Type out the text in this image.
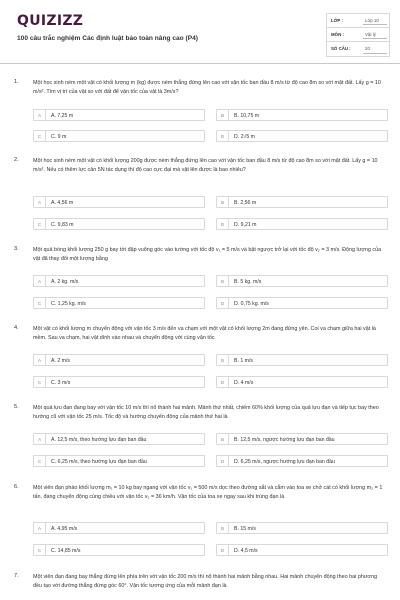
QUIZIZZ
100 câu trắc nghiệm Các định luật bảo toàn nâng cao (P4)
LỚP :	Lớp 10
MÔN :	Vật lý
SỐ CÂU :	20
1.	Một học sinh ném một vật có khối lượng m (kg) được ném thẳng đứng lên cao với vận tốc ban đầu 8 m/s từ độ cao 8m so với mặt đất. Lấy g = 10 m/s². Tìm vị trí của vật so với đất để vận tốc của vật là 3m/s?
A	A. 7,25 m	B	B. 10,75 m
C	C. 9 m	D	D. 2√5 m
2.	Một học sinh ném một vật có khối lượng 200g được ném thẳng đứng lên cao với vận tốc ban đầu 8 m/s từ độ cao 8m so với mặt đất. Lấy g = 10 m/s². Nếu có thêm lực cản 5N tác dụng thì độ cao cực đại mà vật lên được là bao nhiêu?
A	A. 4,56 m	B	B. 2,56 m
C	C. 9,83 m	D	D. 9,21 m
3.	Một quả bóng khối lượng 250 g bay tới đập vuông góc vào tường với tốc độ v₁ = 5 m/s và bật ngược trở lại với tốc độ v₂ = 3 m/s. Động lượng của vật đã thay đổi một lượng bằng
A	A. 2 kg. m/s	B	B. 5 kg. m/s
C	C. 1,25 kg. m/s	D	D. 0,75 kg. m/s
4.	Một vật có khối lượng m chuyển động với vận tốc 3 m/s đến va chạm với một vật có khối lượng 2m đang đứng yên. Coi va chạm giữa hai vật là mềm. Sau va chạm, hai vật dính vào nhau và chuyển động với cùng vận tốc
A	A. 2 m/s	B	B. 1 m/s
C	C. 3 m/s	D	D. 4 m/s
5.	Một quả lựu đạn đang bay với vận tốc 10 m/s thì nổ thành hai mảnh. Mảnh thứ nhất, chiếm 60% khối lượng của quả lựu đạn và tiếp tục bay theo hướng cũ với vận tốc 25 m/s. Tốc độ và hướng chuyển động của mảnh thứ hai là
A	A. 12,5 m/s, theo hướng lựu đạn ban đầu	B	B. 12,5 m/s, ngược hướng lựu đạn ban đầu
C	C. 6,25 m/s, theo hướng lựu đạn ban đầu	D	D. 6,25 m/s, ngược hướng lựu đạn ban đầu
6.	Một viên đạn pháo khối lượng m₁ = 10 kg bay ngang với vận tốc v₁ = 500 m/s dọc theo đường sắt và cắm vào toa xe chở cát có khối lượng m₂ = 1 tấn, đang chuyển động cùng chiều với vận tốc v₂ = 36 km/h. Vận tốc của toa xe ngay sau khi trúng đạn là
A	A. 4,95 m/s	B	B. 15 m/s
C	C. 14,85 m/s	D	D. 4,5 m/s
7.	Một viên đạn đang bay thẳng đứng lên phía trên với vận tốc 200 m/s thì nổ thành hai mảnh bằng nhau. Hai mảnh chuyển động theo hai phương đều tạo với đường thẳng đứng góc 60°. Vận tốc tương ứng của mỗi mảnh đạn là
